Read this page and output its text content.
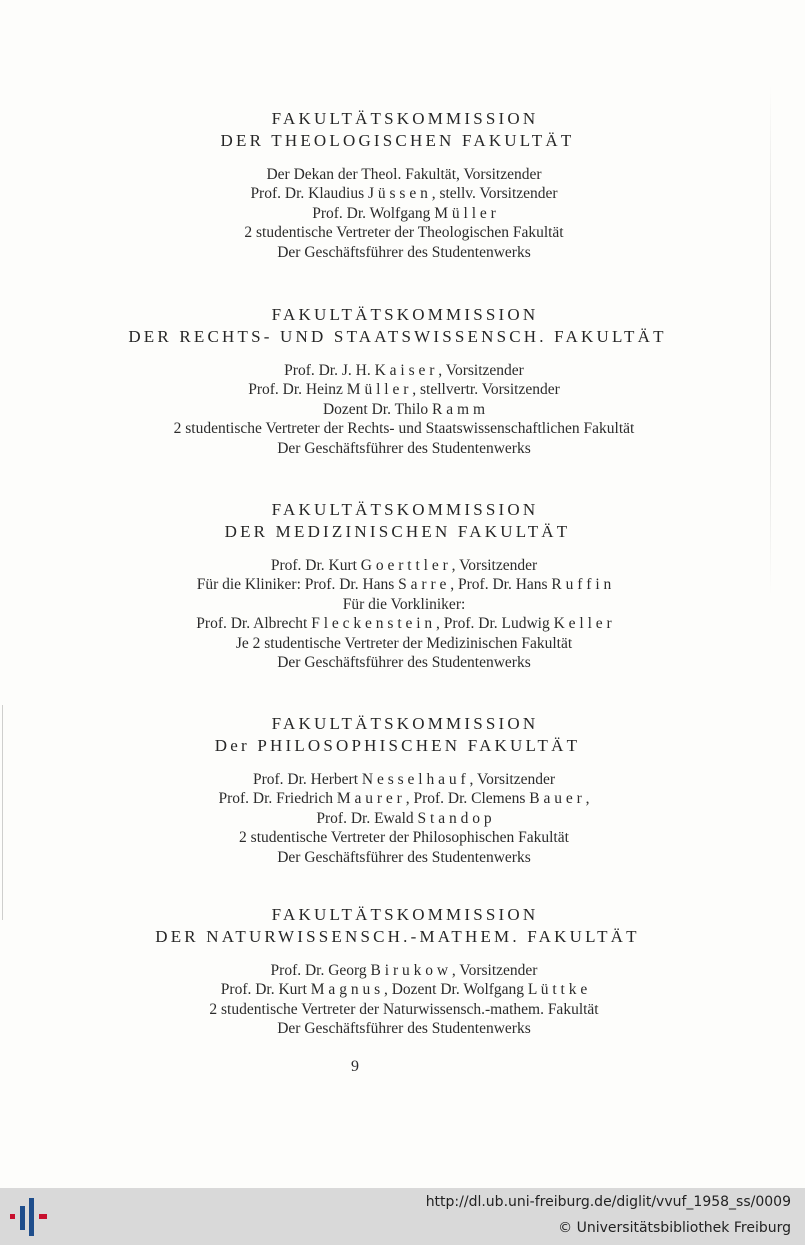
FAKULTÄTSKOMMISSION
DER THEOLOGISCHEN FAKULTÄT
Der Dekan der Theol. Fakultät, Vorsitzender
Prof. Dr. Klaudius J ü s s e n , stellv. Vorsitzender
Prof. Dr. Wolfgang M ü l l e r
2 studentische Vertreter der Theologischen Fakultät
Der Geschäftsführer des Studentenwerks
FAKULTÄTSKOMMISSION
DER RECHTS- UND STAATSWISSENSCH. FAKULTÄT
Prof. Dr. J. H. K a i s e r , Vorsitzender
Prof. Dr. Heinz M ü l l e r , stellvertr. Vorsitzender
Dozent Dr. Thilo R a m m
2 studentische Vertreter der Rechts- und Staatswissenschaftlichen Fakultät
Der Geschäftsführer des Studentenwerks
FAKULTÄTSKOMMISSION
DER MEDIZINISCHEN FAKULTÄT
Prof. Dr. Kurt G o e r t t l e r , Vorsitzender
Für die Kliniker: Prof. Dr. Hans S a r r e , Prof. Dr. Hans R u f f i n
Für die Vorkliniker:
Prof. Dr. Albrecht F l e c k e n s t e i n , Prof. Dr. Ludwig K e l l e r
Je 2 studentische Vertreter der Medizinischen Fakultät
Der Geschäftsführer des Studentenwerks
FAKULTÄTSKOMMISSION
Der PHILOSOPHISCHEN FAKULTÄT
Prof. Dr. Herbert N e s s e l h a u f , Vorsitzender
Prof. Dr. Friedrich M a u r e r , Prof. Dr. Clemens B a u e r ,
Prof. Dr. Ewald S t a n d o p
2 studentische Vertreter der Philosophischen Fakultät
Der Geschäftsführer des Studentenwerks
FAKULTÄTSKOMMISSION
DER NATURWISSENSCH.-MATHEM. FAKULTÄT
Prof. Dr. Georg B i r u k o w , Vorsitzender
Prof. Dr. Kurt M a g n u s , Dozent Dr. Wolfgang L ü t t k e
2 studentische Vertreter der Naturwissensch.-mathem. Fakultät
Der Geschäftsführer des Studentenwerks
9
http://dl.ub.uni-freiburg.de/diglit/vvuf_1958_ss/0009
© Universitätsbibliothek Freiburg
